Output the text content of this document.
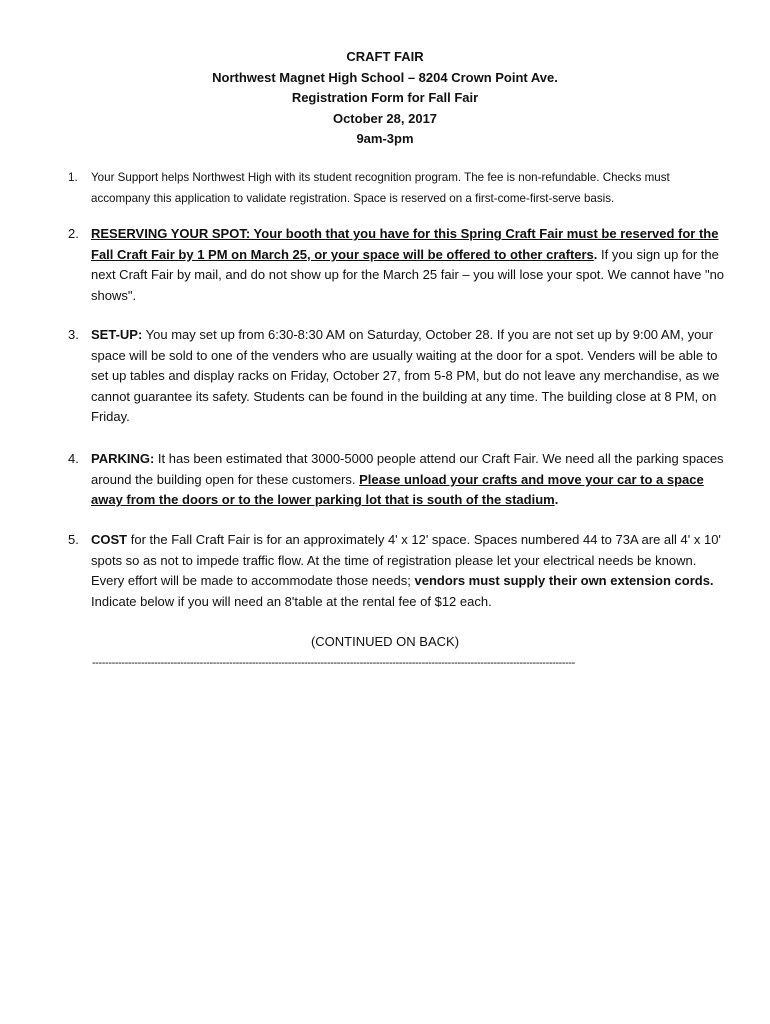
CRAFT FAIR
Northwest Magnet High School – 8204 Crown Point Ave.
Registration Form for Fall Fair
October 28, 2017
9am-3pm
1.	Your Support helps Northwest High with its student recognition program. The fee is non-refundable. Checks must accompany this application to validate registration. Space is reserved on a first-come-first-serve basis.
2. RESERVING YOUR SPOT: Your booth that you have for this Spring Craft Fair must be reserved for the Fall Craft Fair by 1 PM on March 25, or your space will be offered to other crafters. If you sign up for the next Craft Fair by mail, and do not show up for the March 25 fair – you will lose your spot. We cannot have "no shows".
3. SET-UP: You may set up from 6:30-8:30 AM on Saturday, October 28. If you are not set up by 9:00 AM, your space will be sold to one of the venders who are usually waiting at the door for a spot. Venders will be able to set up tables and display racks on Friday, October 27, from 5-8 PM, but do not leave any merchandise, as we cannot guarantee its safety. Students can be found in the building at any time. The building close at 8 PM, on Friday.
4. PARKING: It has been estimated that 3000-5000 people attend our Craft Fair. We need all the parking spaces around the building open for these customers. Please unload your crafts and move your car to a space away from the doors or to the lower parking lot that is south of the stadium.
5. COST for the Fall Craft Fair is for an approximately 4' x 12' space. Spaces numbered 44 to 73A are all 4' x 10' spots so as not to impede traffic flow. At the time of registration please let your electrical needs be known. Every effort will be made to accommodate those needs; vendors must supply their own extension cords. Indicate below if you will need an 8'table at the rental fee of $12 each.
(CONTINUED ON BACK)
----------------------------------------------------------------------------------------------------------------------------------------------------
